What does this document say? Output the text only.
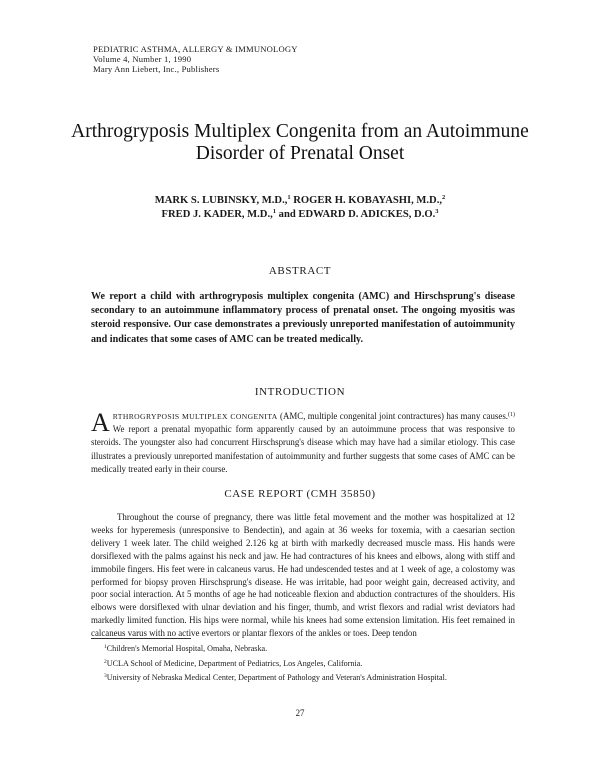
PEDIATRIC ASTHMA, ALLERGY & IMMUNOLOGY
Volume 4, Number 1, 1990
Mary Ann Liebert, Inc., Publishers
Arthrogryposis Multiplex Congenita from an Autoimmune
Disorder of Prenatal Onset
MARK S. LUBINSKY, M.D.,$^1$ ROGER H. KOBAYASHI, M.D.,$^2$
FRED J. KADER, M.D.,$^1$ and EDWARD D. ADICKES, D.O.$^3$
ABSTRACT
We report a child with arthrogryposis multiplex congenita (AMC) and Hirschsprung's disease secondary to an autoimmune inflammatory process of prenatal onset. The ongoing myositis was steroid responsive. Our case demonstrates a previously unreported manifestation of autoimmunity and indicates that some cases of AMC can be treated medically.
INTRODUCTION
ARTHROGRYPOSIS MULTIPLEX CONGENITA (AMC, multiple congenital joint contractures) has many causes.$^{(1)}$ We report a prenatal myopathic form apparently caused by an autoimmune process that was responsive to steroids. The youngster also had concurrent Hirschsprung's disease which may have had a similar etiology. This case illustrates a previously unreported manifestation of autoimmunity and further suggests that some cases of AMC can be medically treated early in their course.
CASE REPORT (CMH 35850)
Throughout the course of pregnancy, there was little fetal movement and the mother was hospitalized at 12 weeks for hyperemesis (unresponsive to Bendectin), and again at 36 weeks for toxemia, with a caesarian section delivery 1 week later. The child weighed 2.126 kg at birth with markedly decreased muscle mass. His hands were dorsiflexed with the palms against his neck and jaw. He had contractures of his knees and elbows, along with stiff and immobile fingers. His feet were in calcaneus varus. He had undescended testes and at 1 week of age, a colostomy was performed for biopsy proven Hirschsprung's disease. He was irritable, had poor weight gain, decreased activity, and poor social interaction. At 5 months of age he had noticeable flexion and abduction contractures of the shoulders. His elbows were dorsiflexed with ulnar deviation and his finger, thumb, and wrist flexors and radial wrist deviators had markedly limited function. His hips were normal, while his knees had some extension limitation. His feet remained in calcaneus varus with no active evertors or plantar flexors of the ankles or toes. Deep tendon
$^1$Children's Memorial Hospital, Omaha, Nebraska.
$^2$UCLA School of Medicine, Department of Pediatrics, Los Angeles, California.
$^3$University of Nebraska Medical Center, Department of Pathology and Veteran's Administration Hospital.
27
